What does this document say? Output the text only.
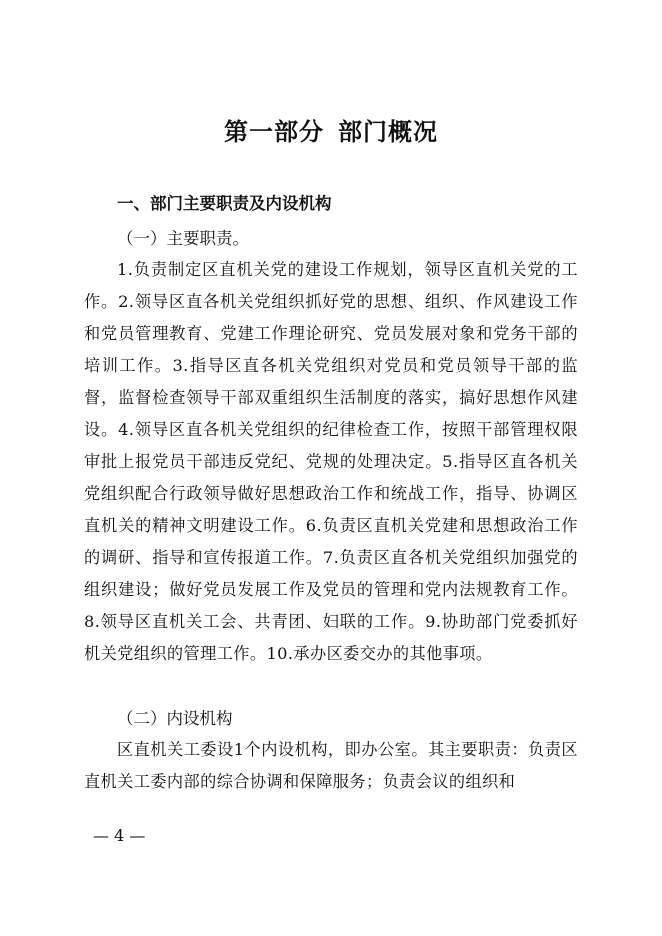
第一部分 部门概况
一、部门主要职责及内设机构
（一）主要职责。

1.负责制定区直机关党的建设工作规划，领导区直机关党的工作。2.领导区直各机关党组织抓好党的思想、组织、作风建设工作和党员管理教育、党建工作理论研究、党员发展对象和党务干部的培训工作。3.指导区直各机关党组织对党员和党员领导干部的监督，监督检查领导干部双重组织生活制度的落实，搞好思想作风建设。4.领导区直各机关党组织的纪律检查工作，按照干部管理权限审批上报党员干部违反党纪、党规的处理决定。5.指导区直各机关党组织配合行政领导做好思想政治工作和统战工作，指导、协调区直机关的精神文明建设工作。6.负责区直机关党建和思想政治工作的调研、指导和宣传报道工作。7.负责区直各机关党组织加强党的组织建设；做好党员发展工作及党员的管理和党内法规教育工作。8.领导区直机关工会、共青团、妇联的工作。9.协助部门党委抓好机关党组织的管理工作。10.承办区委交办的其他事项。

（二）内设机构

区直机关工委设1个内设机构，即办公室。其主要职责：负责区直机关工委内部的综合协调和保障服务；负责会议的组织和

— 4 —
